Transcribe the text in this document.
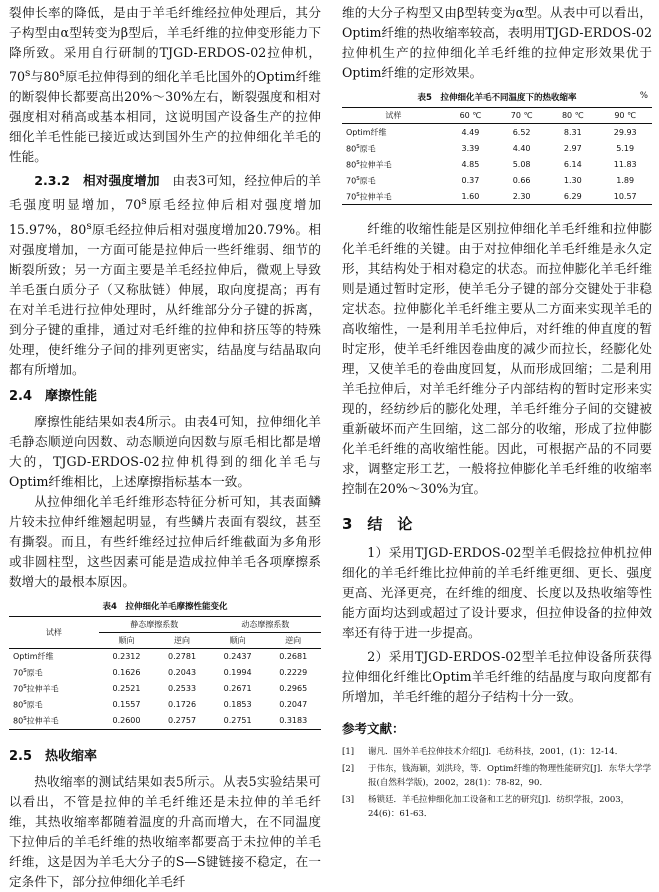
裂伸长率的降低，是由于羊毛纤维经拉伸处理后，其分子构型由α型转变为β型后，羊毛纤维的拉伸变形能力下降所致。采用自行研制的TJGD-ERDOS-02拉伸机，70$^s$与80$^s$原毛拉伸得到的细化羊毛比国外的Optim纤维的断裂伸长都要高出20%～30%左右，断裂强度和相对强度相对稍高或基本相同，这说明国产设备生产的拉伸细化羊毛性能已接近或达到国外生产的拉伸细化羊毛的性能。

2.3.2　 相对强度增加　 由表3可知，经拉伸后的羊毛强度明显增加，70$^s$原毛经拉伸后相对强度增加15.97%，80$^s$原毛经拉伸后相对强度增加20.79%。相对强度增加，一方面可能是拉伸后一些纤维弱、细节的断裂所致；另一方面主要是羊毛经拉伸后，微观上导致羊毛蛋白质分子（又称肽链）伸展，取向度提高；再有在对羊毛进行拉伸处理时，从纤维部分分子键的拆离，到分子键的重排，通过对毛纤维的拉伸和挤压等的特殊处理，使纤维分子间的排列更密实，结晶度与结晶取向都有所增加。

2.4　摩擦性能

摩擦性能结果如表4所示。由表4可知，拉伸细化羊毛静态顺逆向因数、动态顺逆向因数与原毛相比都是增大的，TJGD-ERDOS-02拉伸机得到的细化羊毛与Optim纤维相比，上述摩擦指标基本一致。

从拉伸细化羊毛纤维形态特征分析可知，其表面鳞片较未拉伸纤维翘起明显，有些鳞片表面有裂纹，甚至有撕裂。而且，有些纤维经过拉伸后纤维截面为多角形或非圆柱型，这些因素可能是造成拉伸羊毛各项摩擦系数增大的最根本原因。

表4　拉伸细化羊毛摩擦性能变化
试样	静态摩擦系数		动态摩擦系数	
	顺向	逆向	顺向	逆向
Optim纤维	0.2312	0.2781	0.2437	0.2681
70$^s$原毛	0.1626	0.2043	0.1994	0.2229
70$^s$拉伸羊毛	0.2521	0.2533	0.2671	0.2965
80$^s$原毛	0.1557	0.1726	0.1853	0.2047
80$^s$拉伸羊毛	0.2600	0.2757	0.2751	0.3183
2.5　热收缩率

热收缩率的测试结果如表5所示。从表5实验结果可以看出，不管是拉伸的羊毛纤维还是未拉伸的羊毛纤维，其热收缩率都随着温度的升高而增大，在不同温度下拉伸后的羊毛纤维的热收缩率都要高于未拉伸的羊毛纤维，这是因为羊毛大分子的S—S键链接不稳定，在一定条件下，部分拉伸细化羊毛纤

维的大分子构型又由β型转变为α型。从表中可以看出，Optim纤维的热收缩率较高，表明用TJGD-ERDOS-02拉伸机生产的拉伸细化羊毛纤维的拉伸定形效果优于Optim纤维的定形效果。

表5　拉伸细化羊毛不同温度下的热收缩率	%
试样	60 ℃	70 ℃	80 ℃	90 ℃
Optim纤维	4.49	6.52	8.31	29.93
80$^s$原毛	3.39	4.40	2.97	5.19
80$^s$拉伸羊毛	4.85	5.08	6.14	11.83
70$^s$原毛	0.37	0.66	1.30	1.89
70$^s$拉伸羊毛	1.60	2.30	6.29	10.57

纤维的收缩性能是区别拉伸细化羊毛纤维和拉伸膨化羊毛纤维的关键。由于对拉伸细化羊毛纤维是永久定形，其结构处于相对稳定的状态。而拉伸膨化羊毛纤维则是通过暂时定形，使羊毛分子键的部分交键处于非稳定状态。拉伸膨化羊毛纤维主要从二方面来实现羊毛的高收缩性，一是利用羊毛拉伸后，对纤维的伸直度的暂时定形，使羊毛纤维因卷曲度的减少而拉长，经膨化处理，又使羊毛的卷曲度回复，从而形成回缩；二是利用羊毛拉伸后，对羊毛纤维分子内部结构的暂时定形来实现的，经纺纱后的膨化处理，羊毛纤维分子间的交键被重新破坏而产生回缩，这二部分的收缩，形成了拉伸膨化羊毛纤维的高收缩性能。因此，可根据产品的不同要求，调整定形工艺，一般将拉伸膨化羊毛纤维的收缩率控制在20%～30%为宜。

3　结　论

1）采用TJGD-ERDOS-02型羊毛假捻拉伸机拉伸细化的羊毛纤维比拉伸前的羊毛纤维更细、更长、强度更高、光泽更亮，在纤维的细度、长度以及热收缩等性能方面均达到或超过了设计要求，但拉伸设备的拉伸效率还有待于进一步提高。

2）采用TJGD-ERDOS-02型羊毛拉伸设备所获得拉伸细化纤维比Optim羊毛纤维的结晶度与取向度都有所增加，羊毛纤维的超分子结构十分一致。

参考文献：
[1]	谢凡．国外羊毛拉伸技术介绍[J]．毛纺科技，2001，(1)：12-14．
[2]	于伟东，钱海颖，刘洪玲，等．Optim纤维的物理性能研究[J]．东华大学学报(自然科学版)，2002，28(1)：78-82，90．
[3]	杨锁廷．羊毛拉伸细化加工设备和工艺的研究[J]．纺织学报，2003，24(6)：61-63．
